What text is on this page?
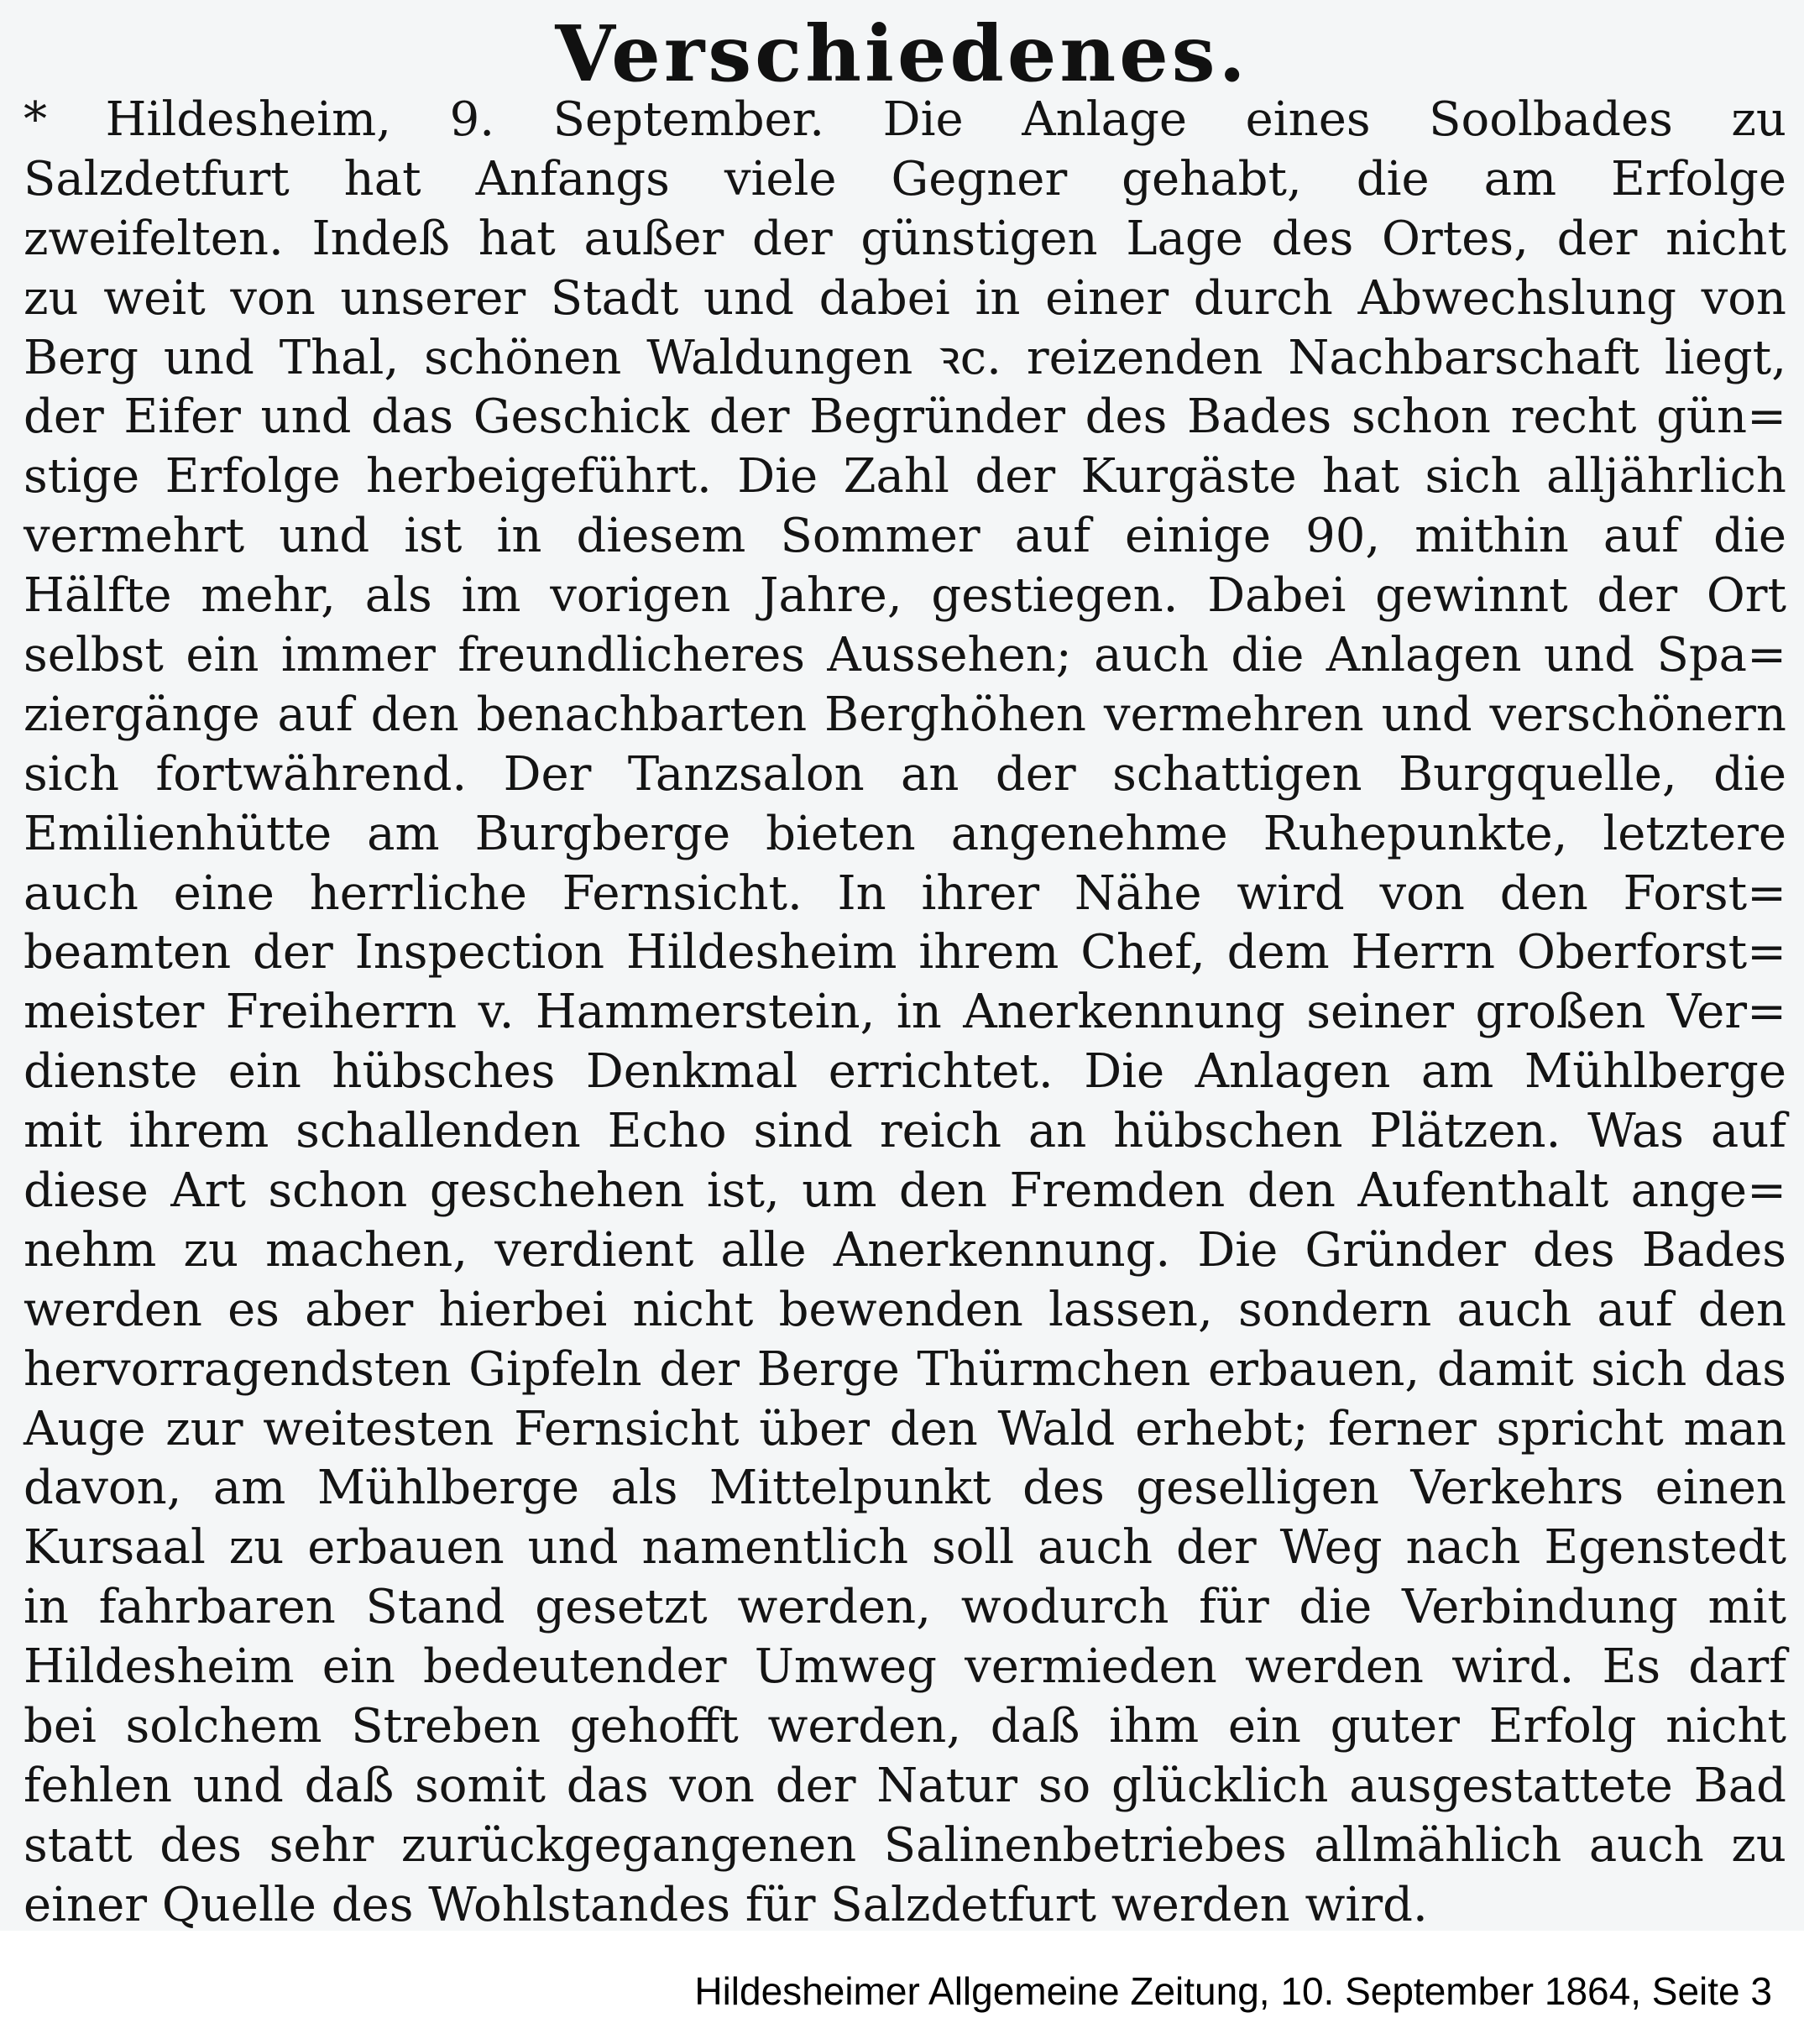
Verschiedenes.
* Hildesheim, 9. September. Die Anlage eines Soolbades zu
Salzdetfurt hat Anfangs viele Gegner gehabt, die am Erfolge
zweifelten. Indeß hat außer der günstigen Lage des Ortes, der nicht
zu weit von unserer Stadt und dabei in einer durch Abwechslung von
Berg und Thal, schönen Waldungen ꝛc. reizenden Nachbarschaft liegt,
der Eifer und das Geschick der Begründer des Bades schon recht gün=
stige Erfolge herbeigeführt. Die Zahl der Kurgäste hat sich alljährlich
vermehrt und ist in diesem Sommer auf einige 90, mithin auf die
Hälfte mehr, als im vorigen Jahre, gestiegen. Dabei gewinnt der Ort
selbst ein immer freundlicheres Aussehen; auch die Anlagen und Spa=
ziergänge auf den benachbarten Berghöhen vermehren und verschönern
sich fortwährend. Der Tanzsalon an der schattigen Burgquelle, die
Emilienhütte am Burgberge bieten angenehme Ruhepunkte, letztere
auch eine herrliche Fernsicht. In ihrer Nähe wird von den Forst=
beamten der Inspection Hildesheim ihrem Chef, dem Herrn Oberforst=
meister Freiherrn v. Hammerstein, in Anerkennung seiner großen Ver=
dienste ein hübsches Denkmal errichtet. Die Anlagen am Mühlberge
mit ihrem schallenden Echo sind reich an hübschen Plätzen. Was auf
diese Art schon geschehen ist, um den Fremden den Aufenthalt ange=
nehm zu machen, verdient alle Anerkennung. Die Gründer des Bades
werden es aber hierbei nicht bewenden lassen, sondern auch auf den
hervorragendsten Gipfeln der Berge Thürmchen erbauen, damit sich das
Auge zur weitesten Fernsicht über den Wald erhebt; ferner spricht man
davon, am Mühlberge als Mittelpunkt des geselligen Verkehrs einen
Kursaal zu erbauen und namentlich soll auch der Weg nach Egenstedt
in fahrbaren Stand gesetzt werden, wodurch für die Verbindung mit
Hildesheim ein bedeutender Umweg vermieden werden wird. Es darf
bei solchem Streben gehofft werden, daß ihm ein guter Erfolg nicht
fehlen und daß somit das von der Natur so glücklich ausgestattete Bad
statt des sehr zurückgegangenen Salinenbetriebes allmählich auch zu
einer Quelle des Wohlstandes für Salzdetfurt werden wird.
Hildesheimer Allgemeine Zeitung, 10. September 1864, Seite 3
